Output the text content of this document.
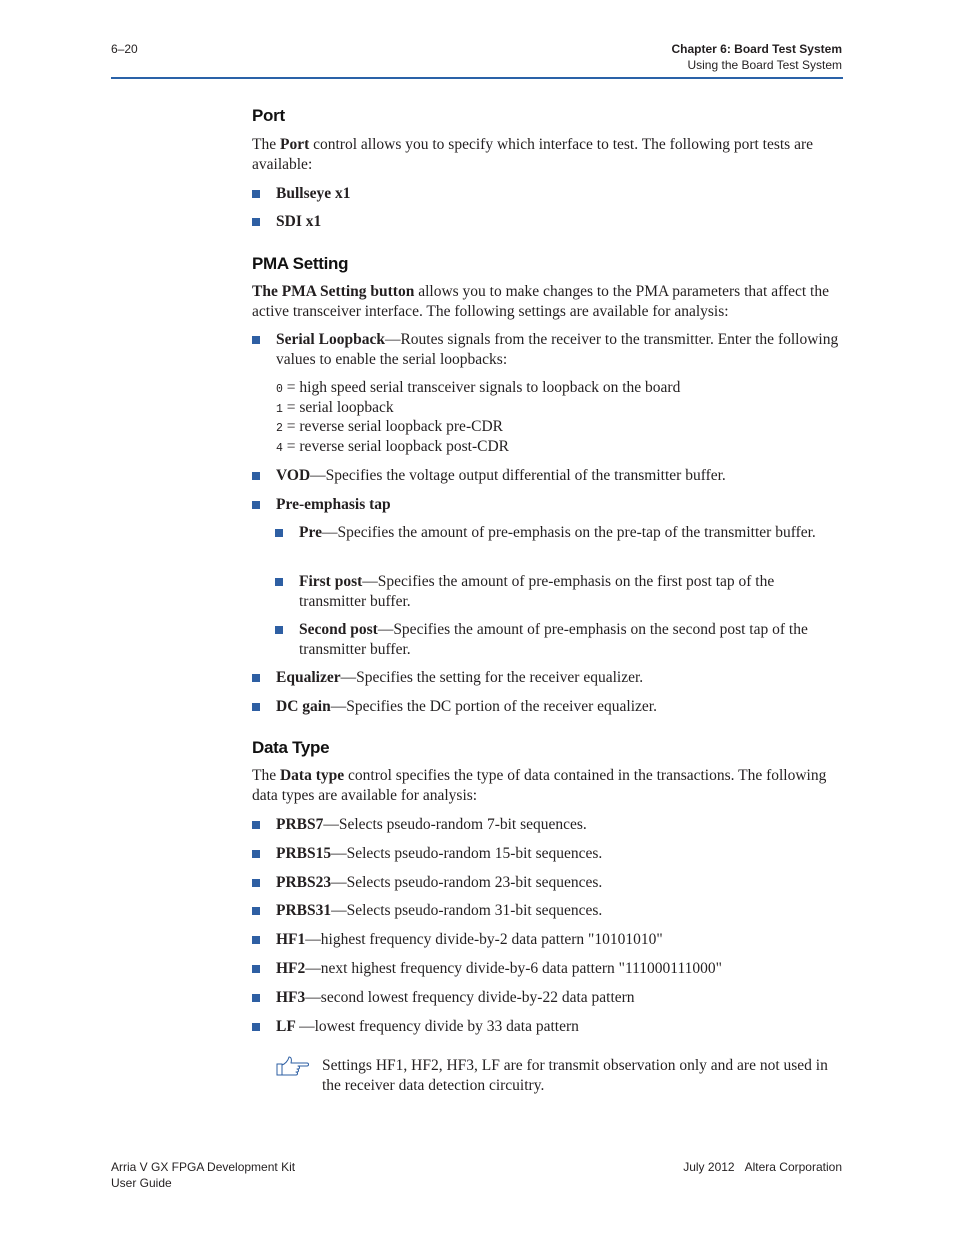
6–20	Chapter 6: Board Test System
Using the Board Test System
Port
The Port control allows you to specify which interface to test. The following port tests are available:
Bullseye x1
SDI x1
PMA Setting
The PMA Setting button allows you to make changes to the PMA parameters that affect the active transceiver interface. The following settings are available for analysis:
Serial Loopback—Routes signals from the receiver to the transmitter. Enter the following values to enable the serial loopbacks:
0 = high speed serial transceiver signals to loopback on the board
1 = serial loopback
2 = reverse serial loopback pre-CDR
4 = reverse serial loopback post-CDR
VOD—Specifies the voltage output differential of the transmitter buffer.
Pre-emphasis tap
Pre—Specifies the amount of pre-emphasis on the pre-tap of the transmitter buffer.
First post—Specifies the amount of pre-emphasis on the first post tap of the transmitter buffer.
Second post—Specifies the amount of pre-emphasis on the second post tap of the transmitter buffer.
Equalizer—Specifies the setting for the receiver equalizer.
DC gain—Specifies the DC portion of the receiver equalizer.
Data Type
The Data type control specifies the type of data contained in the transactions. The following data types are available for analysis:
PRBS7—Selects pseudo-random 7-bit sequences.
PRBS15—Selects pseudo-random 15-bit sequences.
PRBS23—Selects pseudo-random 23-bit sequences.
PRBS31—Selects pseudo-random 31-bit sequences.
HF1—highest frequency divide-by-2 data pattern "10101010"
HF2—next highest frequency divide-by-6 data pattern "111000111000"
HF3—second lowest frequency divide-by-22 data pattern
LF —lowest frequency divide by 33 data pattern
Settings HF1, HF2, HF3, LF are for transmit observation only and are not used in the receiver data detection circuitry.
Arria V GX FPGA Development Kit
User Guide
July 2012 Altera Corporation
